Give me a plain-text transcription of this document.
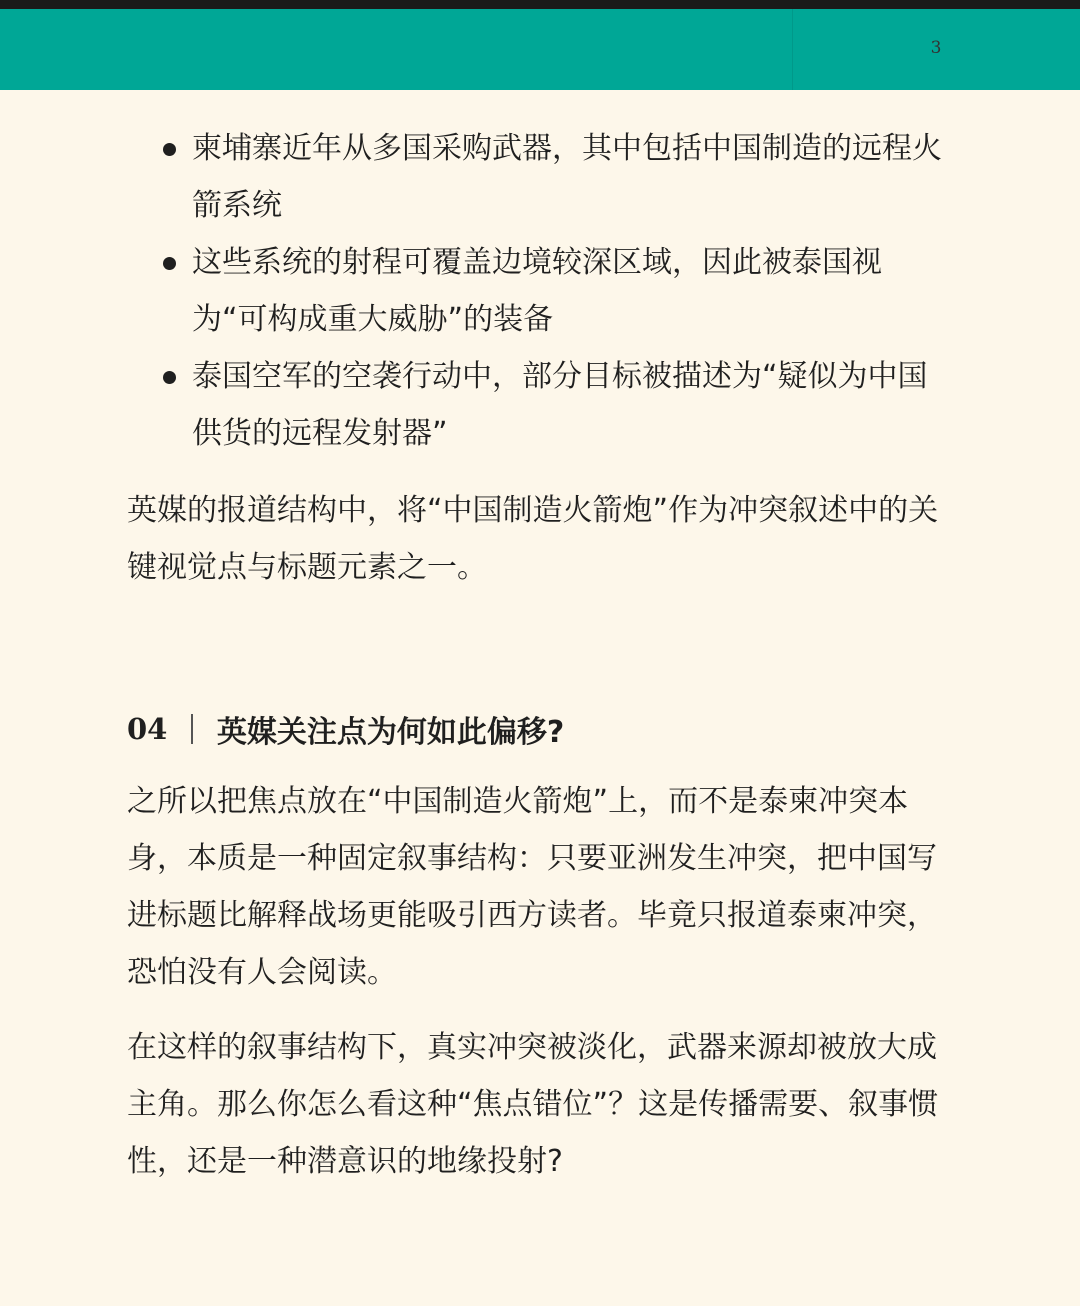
3
柬埔寨近年从多国采购武器，其中包括中国制造的远程火箭系统
这些系统的射程可覆盖边境较深区域，因此被泰国视为“可构成重大威胁”的装备
泰国空军的空袭行动中，部分目标被描述为“疑似为中国供货的远程发射器”

英媒的报道结构中，将“中国制造火箭炮”作为冲突叙述中的关键视觉点与标题元素之一。

04 英媒关注点为何如此偏移?

之所以把焦点放在“中国制造火箭炮”上，而不是泰柬冲突本身，本质是一种固定叙事结构：只要亚洲发生冲突，把中国写进标题比解释战场更能吸引西方读者。毕竟只报道泰柬冲突，恐怕没有人会阅读。

在这样的叙事结构下，真实冲突被淡化，武器来源却被放大成主角。那么你怎么看这种“焦点错位”？这是传播需要、叙事惯性，还是一种潜意识的地缘投射?
